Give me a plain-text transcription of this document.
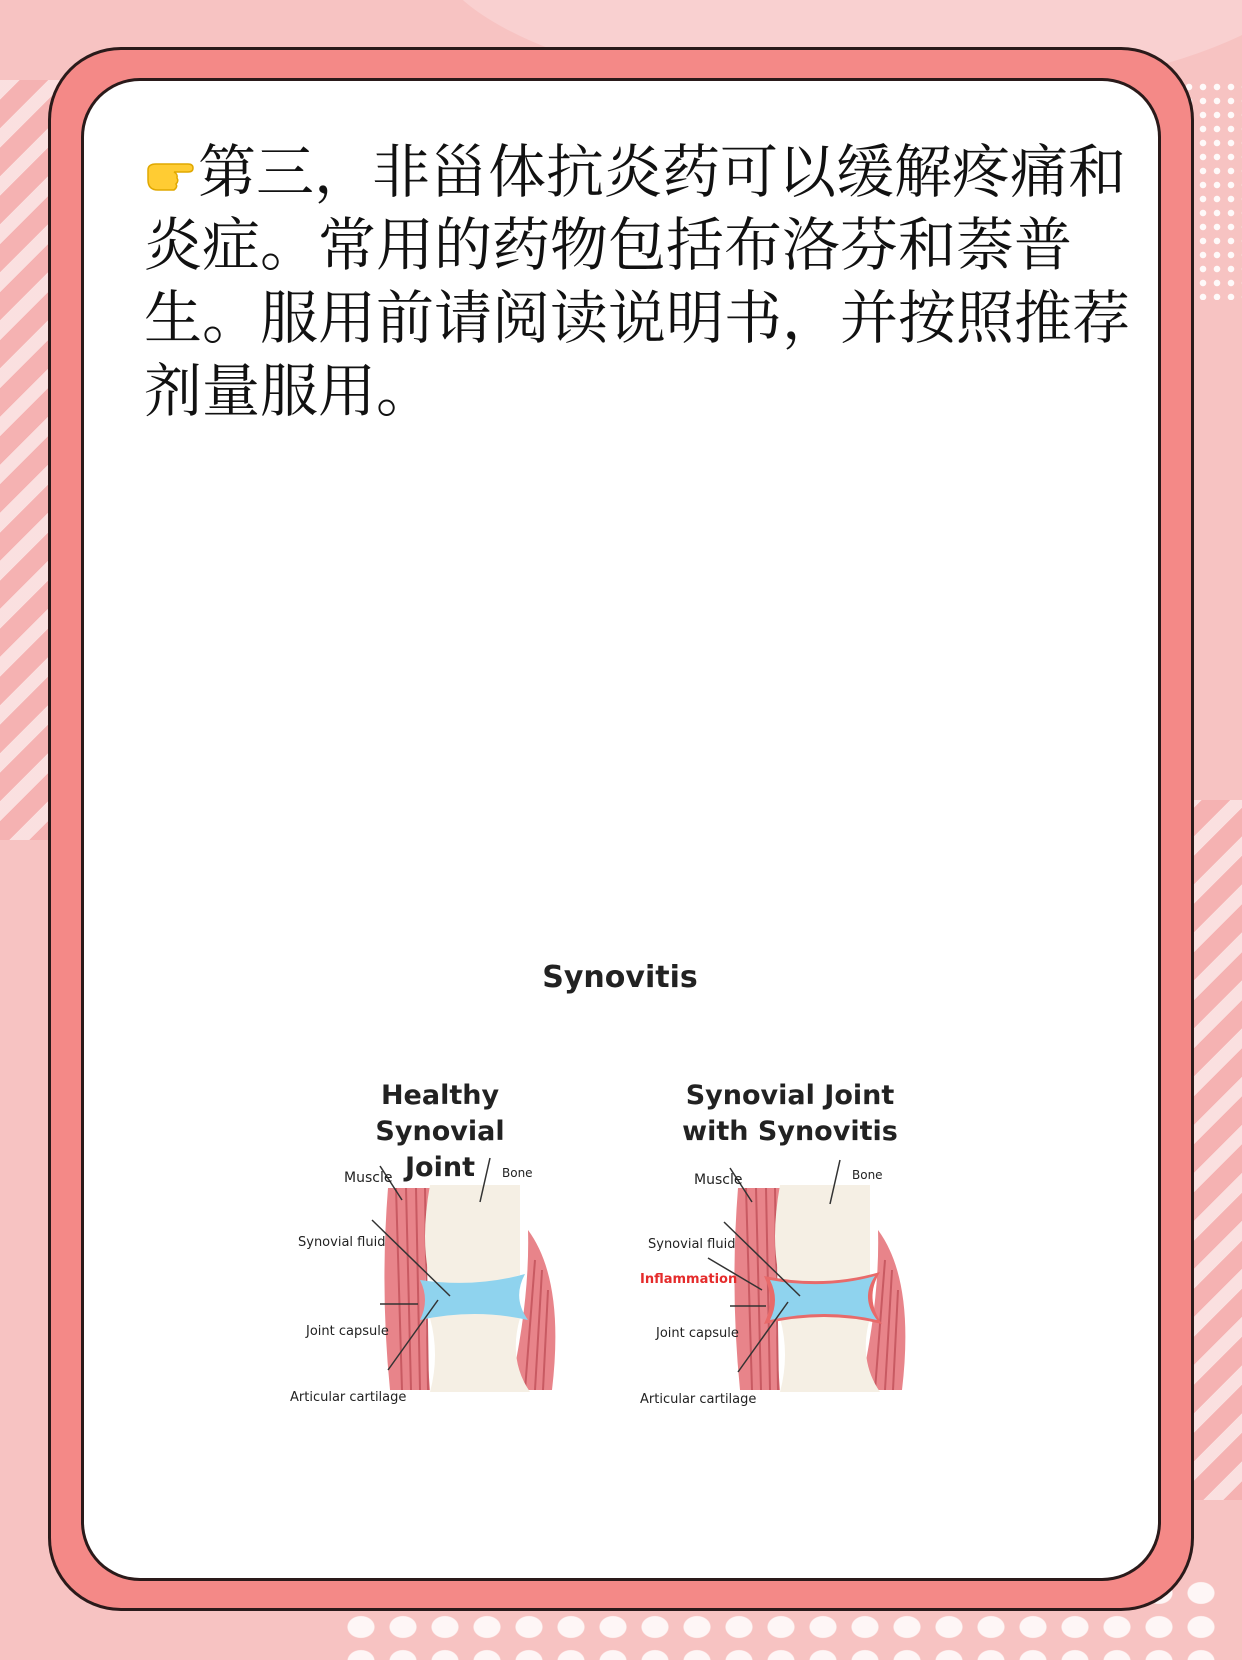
第三，非甾体抗炎药可以缓解疼痛和炎症。常用的药物包括布洛芬和萘普生。服用前请阅读说明书，并按照推荐剂量服用。

Synovitis
Healthy Synovial
Joint
Synovial Joint
with Synovitis
Muscle	Bone
Synovial fluid
Joint capsule
Articular cartilage
Muscle	Bone
Synovial fluid
Inflammation
Joint capsule
Articular cartilage
